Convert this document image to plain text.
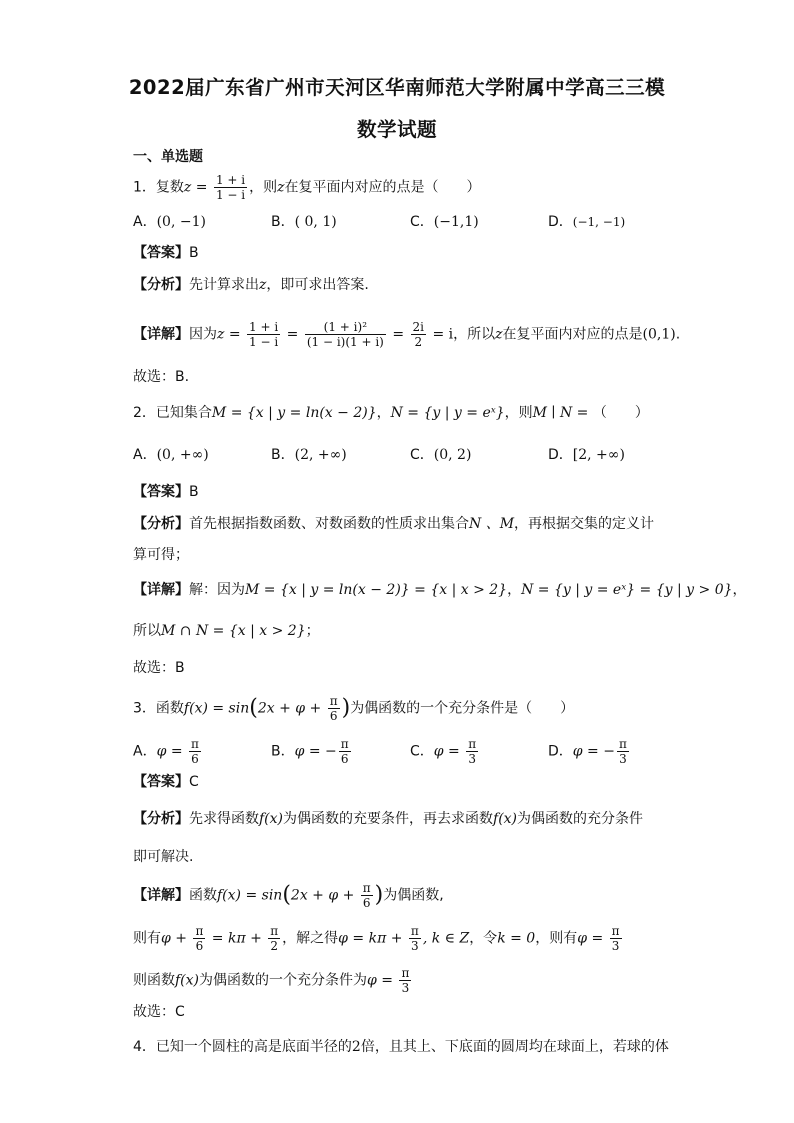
2022届广东省广州市天河区华南师范大学附属中学高三三模
数学试题
一、单选题
1．复数$z = \frac{1 + i}{1 - i}$ ，则z在复平面内对应的点是（　　）
A．(0, −1)	B．( 0, 1)	C．(−1,1)	D．(−1, −1)
【答案】B
【分析】先计算求出z，即可求出答案.
【详解】因为$z = \frac{1 + i}{1 - i} = \frac{\text{(1 + i)²}}{(1 - i)(1 + i)} = \frac{2i}{2} = i$，所以z在复平面内对应的点是(0,1).
故选：B.
2．已知集合M = {x | y = ln(x − 2)}，N = {y | y = eˣ}，则M ∣ N = （　　）
A．(0, +∞)	B．(2, +∞)	C．(0, 2)	D．[2, +∞)
【答案】B
【分析】首先根据指数函数、对数函数的性质求出集合N 、M，再根据交集的定义计
算可得；
【详解】解：因为M = {x | y = ln(x − 2)} = {x | x > 2}，N = {y | y = eˣ} = {y | y > 0}，
所以M ∩ N = {x | x > 2}；
故选：B
3．函数$f(x) = \sin(2x + \varphi + \frac{\pi}{6}$ )为偶函数的一个充分条件是（　　）
A．$\varphi = \frac{\pi}{6}$	B．φ = − $\frac{\pi}{6}$	C．$\varphi = \frac{\pi}{3}$	D．φ = − $\frac{\pi}{3}$
【答案】C
【分析】先求得函数f(x)为偶函数的充要条件，再去求函数f(x)为偶函数的充分条件
即可解决.
【详解】函数$f(x) = \sin(2x + \varphi + \frac{\pi}{6}$ )为偶函数,
则有$\varphi + \frac{\pi}{6} = k\pi + \frac{\pi}{2}$ ，解之得$\varphi = k\pi + \frac{\pi}{3}$ , k ∈ Z，令k = 0，则有$\varphi = \frac{\pi}{3}$
则函数f(x)为偶函数的一个充分条件为$\varphi = \frac{\pi}{3}$
故选：C
4．已知一个圆柱的高是底面半径的2倍，且其上、下底面的圆周均在球面上，若球的体
